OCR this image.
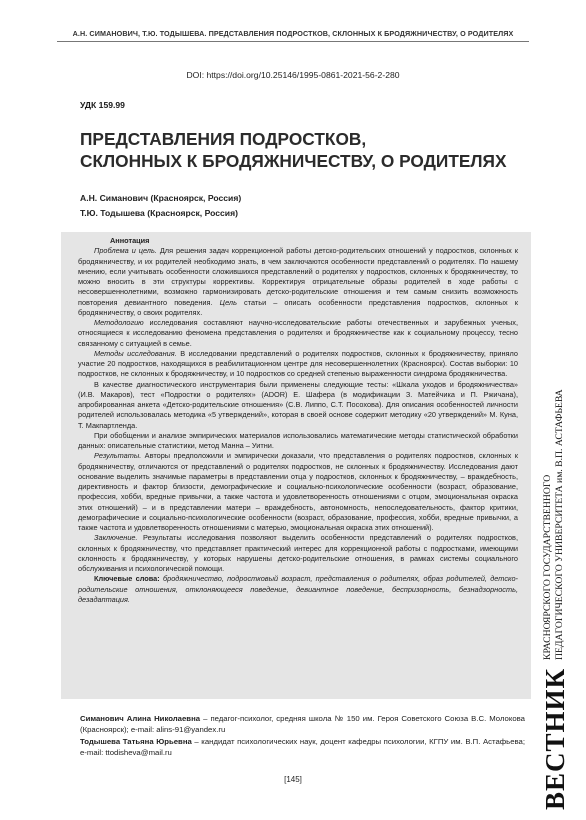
А.Н. СИМАНОВИЧ, Т.Ю. ТОДЫШЕВА. ПРЕДСТАВЛЕНИЯ ПОДРОСТКОВ, СКЛОННЫХ К БРОДЯЖНИЧЕСТВУ, О РОДИТЕЛЯХ
DOI: https://doi.org/10.25146/1995-0861-2021-56-2-280
УДК 159.99
ПРЕДСТАВЛЕНИЯ ПОДРОСТКОВ,
СКЛОННЫХ К БРОДЯЖНИЧЕСТВУ, О РОДИТЕЛЯХ
А.Н. Симанович (Красноярск, Россия)
Т.Ю. Тодышева (Красноярск, Россия)

Аннотация

Проблема и цель. Для решения задач коррекционной работы детско-родительских отношений у подростков, склонных к бродяжничеству, и их родителей необходимо знать, в чем заключаются особенности представлений о родителях. По нашему мнению, если учитывать особенности сложившихся представлений о родителях у подростков, склонных к бродяжничеству, то можно вносить в эти структуры коррективы. Корректируя отрицательные образы родителей в ходе работы с несовершеннолетними, возможно гармонизировать детско-родительские отношения и тем самым снизить возможность повторения девиантного поведения. Цель статьи – описать особенности представления подростков, склонных к бродяжничеству, о своих родителях.

Методологию исследования составляют научно-исследовательские работы отечественных и зарубежных ученых, относящиеся к исследованию феномена представления о родителях и бродяжничестве как к социальному процессу, тесно связанному с ситуацией в семье.

Методы исследования. В исследовании представлений о родителях подростков, склонных к бродяжничеству, приняло участие 20 подростков, находящихся в реабилитационном центре для несовершеннолетних (Красноярск). Состав выборки: 10 подростков, не склонных к бродяжничеству, и 10 подростков со средней степенью выраженности синдрома бродяжничества.

В качестве диагностического инструментария были применены следующие тесты: «Шкала уходов и бродяжничества» (И.В. Макаров), тест «Подростки о родителях» (ADOR) Е. Шафера (в модификации З. Матейчика и П. Ржичана), апробированная анкета «Детско-родительские отношения» (С.В. Липпо, С.Т. Посохова). Для описания особенностей личности родителей использовалась методика «5 утверждений», которая в своей основе содержит методику «20 утверждений» М. Куна, Т. Макпартленда.

При обобщении и анализе эмпирических материалов использовались математические методы статистической обработки данных: описательные статистики, метод Манна – Уитни.

Результаты. Авторы предположили и эмпирически доказали, что представления о родителях подростков, склонных к бродяжничеству, отличаются от представлений о родителях подростков, не склонных к бродяжничеству. Исследования дают основание выделить значимые параметры в представлении отца у подростков, склонных к бродяжничеству, – враждебность, директивность и фактор близости, демографические и социально-психологические особенности (возраст, образование, профессия, хобби, вредные привычки, а также частота и удовлетворенность отношениями с отцом, эмоциональная окраска этих отношений) – и в представлении матери – враждебность, автономность, непоследовательность, фактор критики, демографические и социально-психологические особенности (возраст, образование, профессия, хобби, вредные привычки, а также частота и удовлетворенность отношениями с матерью, эмоциональная окраска этих отношений).

Заключение. Результаты исследования позволяют выделить особенности представлений о родителях подростков, склонных к бродяжничеству, что представляет практический интерес для коррекционной работы с подростками, имеющими склонность к бродяжничеству, у которых нарушены детско-родительские отношения, в рамках системы социального обслуживания и психологической помощи.

Ключевые слова: бродяжничество, подростковый возраст, представления о родителях, образ родителей, детско-родительские отношения, отклоняющееся поведение, девиантное поведение, беспризорность, безнадзорность, дезадаптация.

Симанович Алина Николаевна – педагог-психолог, средняя школа № 150 им. Героя Советского Союза В.С. Молокова (Красноярск); e-mail: alins-91@yandex.ru

Тодышева Татьяна Юрьевна – кандидат психологических наук, доцент кафедры психологии, КГПУ им. В.П. Астафьева; e-mail: ttodisheva@mail.ru

[145]	ВЕСТНИК
КРАСНОЯРСКОГО ГОСУДАРСТВЕННОГО ПЕДАГОГИЧЕСКОГО УНИВЕРСИТЕТА им. В.П. АСТАФЬЕВА
